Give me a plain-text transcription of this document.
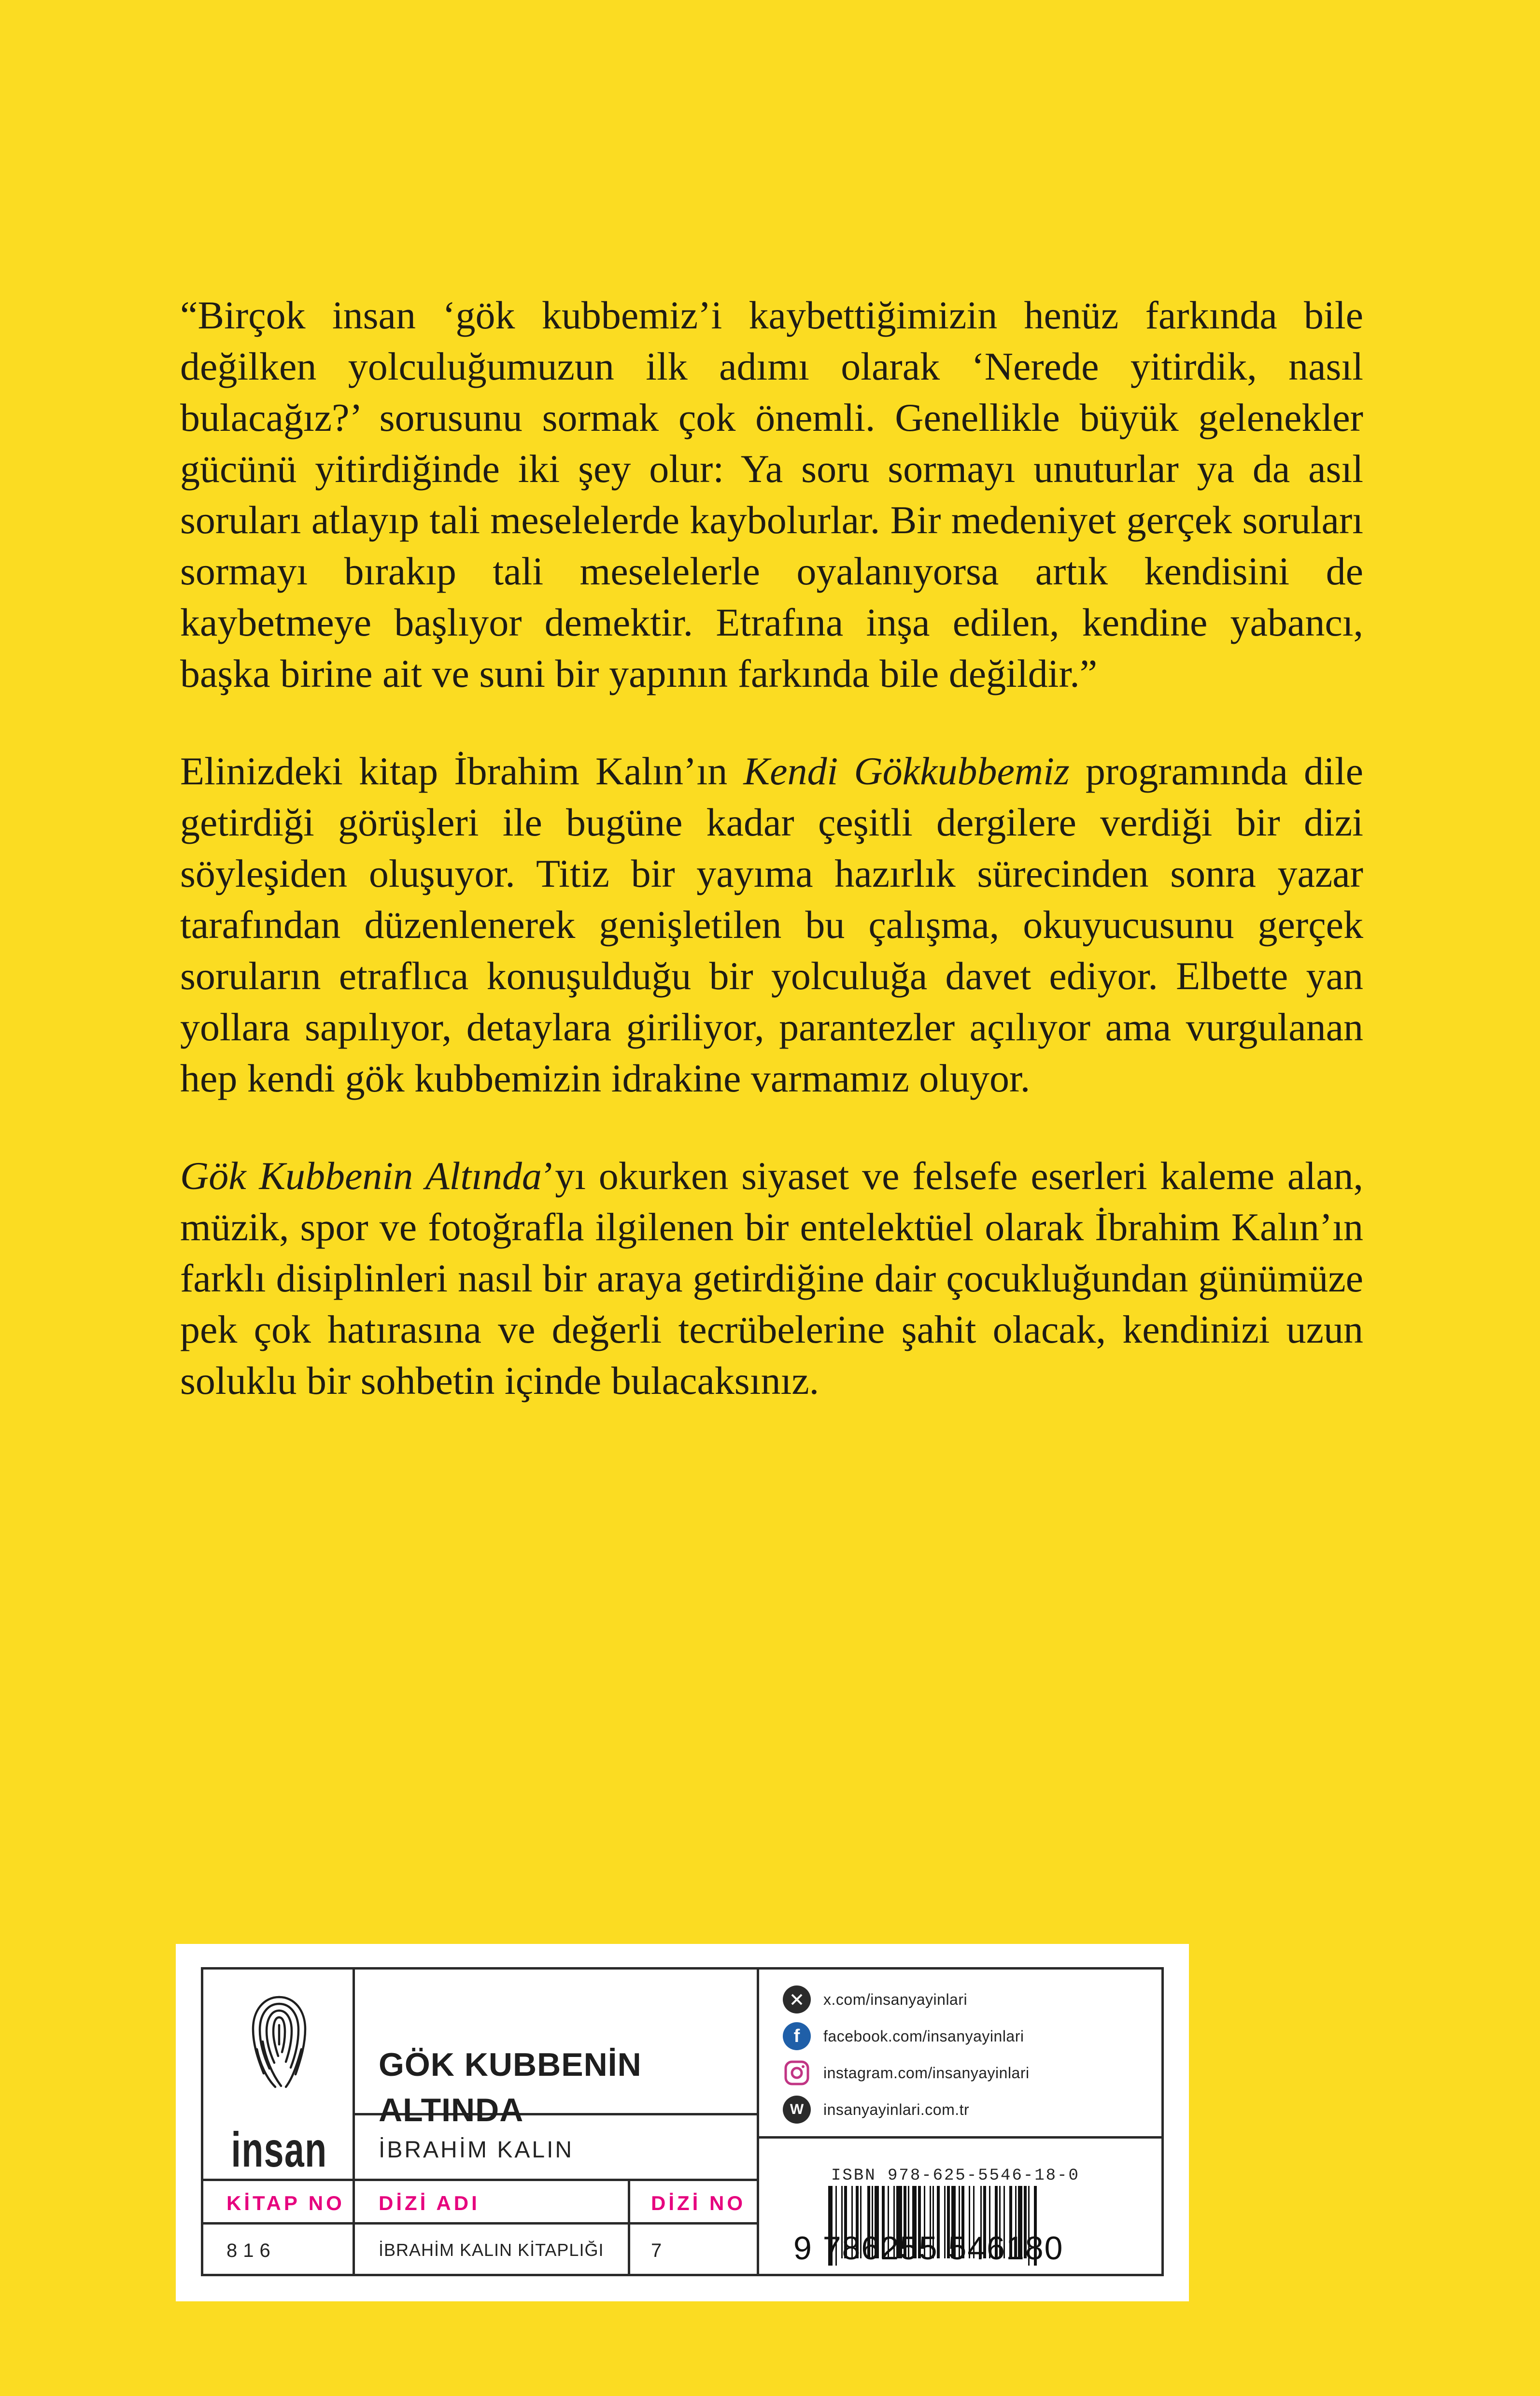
“Birçok insan ‘gök kubbemiz’i kaybettiğimizin henüz farkında bile değilken yolculuğumuzun ilk adımı olarak ‘Nerede yitirdik, nasıl bulacağız?’ sorusunu sormak çok önemli. Genellikle büyük gelenekler gücünü yitirdiğinde iki şey olur: Ya soru sormayı unuturlar ya da asıl soruları atlayıp tali meselelerde kaybolurlar. Bir medeniyet gerçek soruları sormayı bırakıp tali meselelerle oyalanıyorsa artık kendisini de kaybetmeye başlıyor demektir. Etrafına inşa edilen, kendine yabancı, başka birine ait ve suni bir yapının farkında bile değildir.”

Elinizdeki kitap İbrahim Kalın’ın Kendi Gökkubbemiz programında dile getirdiği görüşleri ile bugüne kadar çeşitli dergilere verdiği bir dizi söyleşiden oluşuyor. Titiz bir yayıma hazırlık sürecinden sonra yazar tarafından düzenlenerek genişletilen bu çalışma, okuyucusunu gerçek soruların etraflıca konuşulduğu bir yolculuğa davet ediyor. Elbette yan yollara sapılıyor, detaylara giriliyor, parantezler açılıyor ama vurgulanan hep kendi gök kubbemizin idrakine varmamız oluyor.

Gök Kubbenin Altında’yı okurken siyaset ve felsefe eserleri kaleme alan, müzik, spor ve fotoğrafla ilgilenen bir entelektüel olarak İbrahim Kalın’ın farklı disiplinleri nasıl bir araya getirdiğine dair çocukluğundan günümüze pek çok hatırasına ve değerli tecrübelerine şahit olacak, kendinizi uzun soluklu bir sohbetin içinde bulacaksınız.

insan
GÖK KUBBENİN
ALTINDA
İBRAHİM KALIN
KİTAP NO DİZİ ADI	DİZİ NO
816	İBRAHİM KALIN KİTAPLIĞI 7
x.com/insanyayinlari
f facebook.com/insanyayinlari
instagram.com/insanyayinlari
W insanyayinlari.com.tr
ISBN 978-625-5546-18-0
9 786255 546180
